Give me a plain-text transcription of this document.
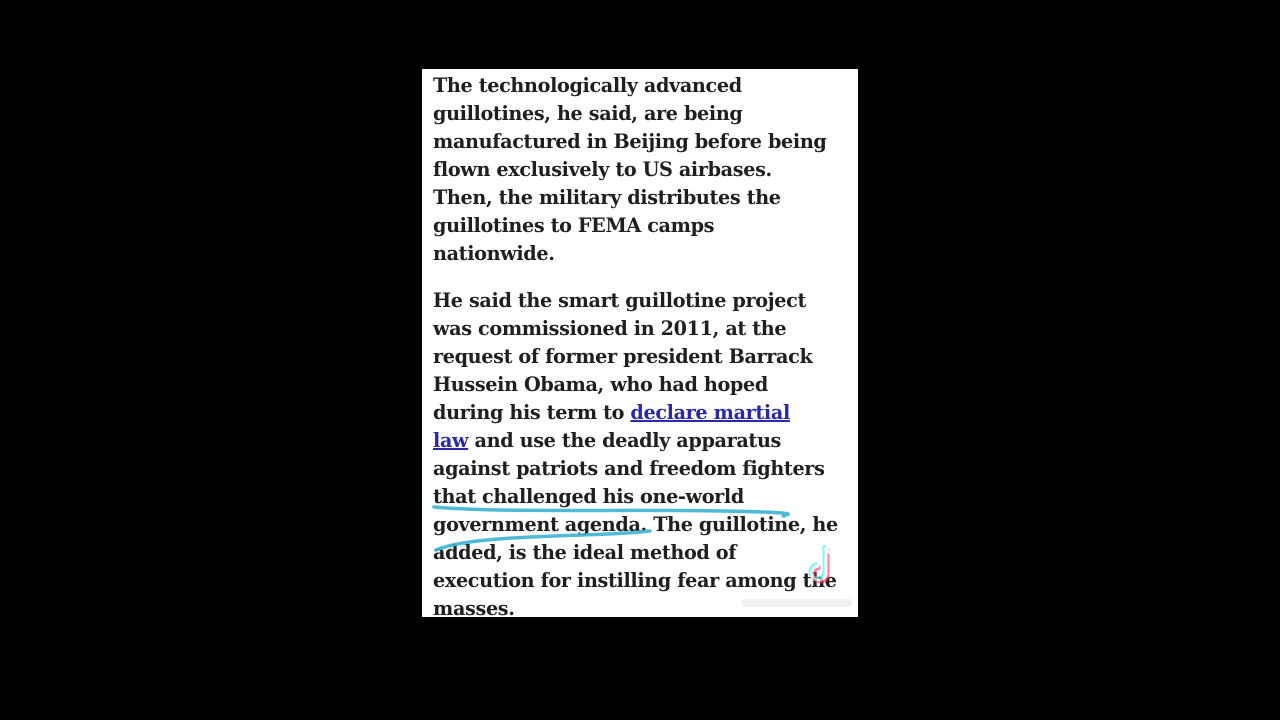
The technologically advanced
guillotines, he said, are being
manufactured in Beijing before being
flown exclusively to US airbases.
Then, the military distributes the
guillotines to FEMA camps
nationwide.

He said the smart guillotine project
was commissioned in 2011, at the
request of former president Barrack
Hussein Obama, who had hoped
during his term to declare martial
law and use the deadly apparatus
against patriots and freedom fighters
that challenged his one-world
government agenda. The guillotine, he
added, is the ideal method of
execution for instilling fear among the
masses.
